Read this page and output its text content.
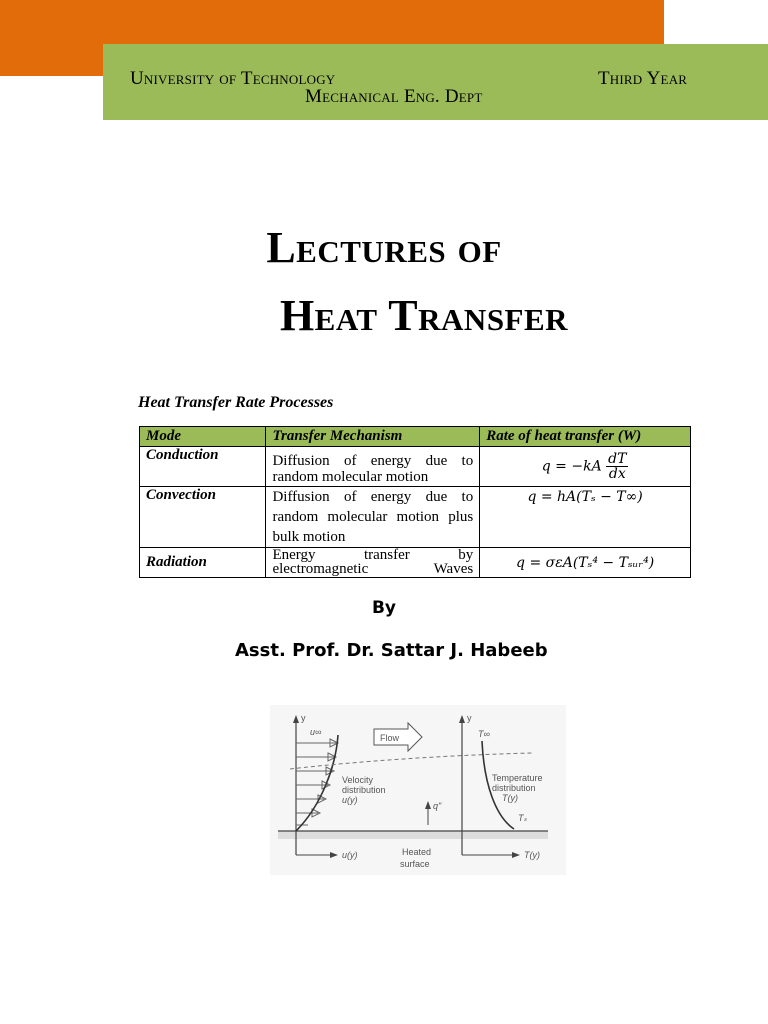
University of Technology	Third Year
Mechanical Eng. Dept
Lectures of
Heat Transfer
Heat Transfer Rate Processes
Mode	Transfer Mechanism	Rate of heat transfer (W)
Conduction	Diffusion of energy due to random molecular motion	$q = -kA \frac{dT}{dx}$

Convection	Diffusion of energy due to random molecular motion plus bulk motion	q = hA(Tₛ − T∞)
Radiation	Energy transfer by electromagnetic Waves	q = σεA(Tₛ⁴ − Tₛᵤᵣ⁴)
By
Asst. Prof. Dr. Sattar J. Habeeb
y
u∞
Flow
Velocity
distribution
u(y)
q"
y
T∞
Temperature
distribution
T(y)
Tₛ
u(y)	T(y)
Heated
surface
